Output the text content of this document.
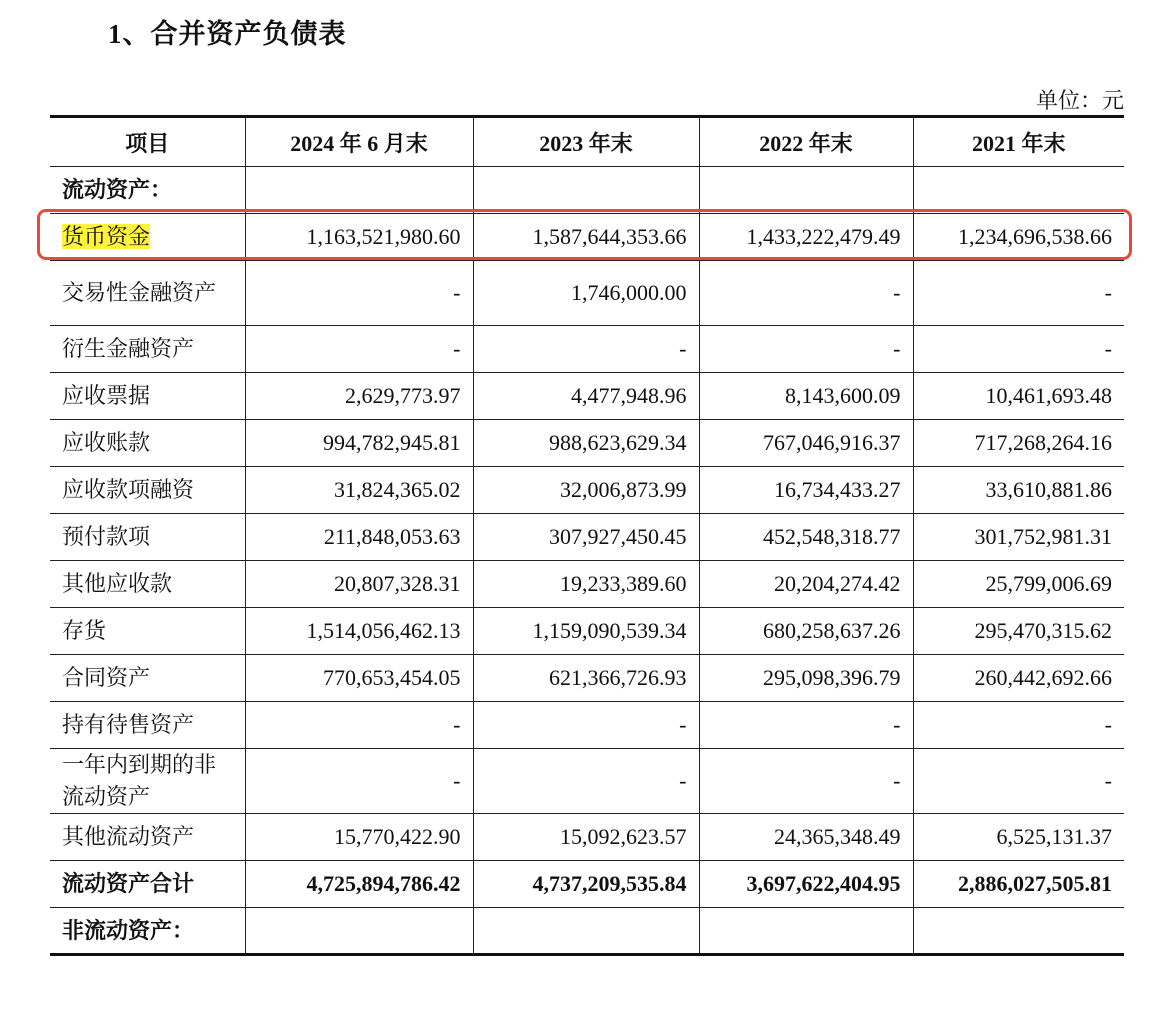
1、合并资产负债表
单位：元
项目	2024 年 6 月末	2023 年末	2022 年末	2021 年末
流动资产：				
货币资金	1,163,521,980.60	1,587,644,353.66	1,433,222,479.49	1,234,696,538.66
交易性金融资产	-	1,746,000.00	-	-
衍生金融资产	-	-	-	-
应收票据	2,629,773.97	4,477,948.96	8,143,600.09	10,461,693.48
应收账款	994,782,945.81	988,623,629.34	767,046,916.37	717,268,264.16
应收款项融资	31,824,365.02	32,006,873.99	16,734,433.27	33,610,881.86
预付款项	211,848,053.63	307,927,450.45	452,548,318.77	301,752,981.31
其他应收款	20,807,328.31	19,233,389.60	20,204,274.42	25,799,006.69
存货	1,514,056,462.13	1,159,090,539.34	680,258,637.26	295,470,315.62
合同资产	770,653,454.05	621,366,726.93	295,098,396.79	260,442,692.66
持有待售资产	-	-	-	-
一年内到期的非流动资产	-	-	-	-
其他流动资产	15,770,422.90	15,092,623.57	24,365,348.49	6,525,131.37
流动资产合计	4,725,894,786.42	4,737,209,535.84	3,697,622,404.95	2,886,027,505.81
非流动资产：				
